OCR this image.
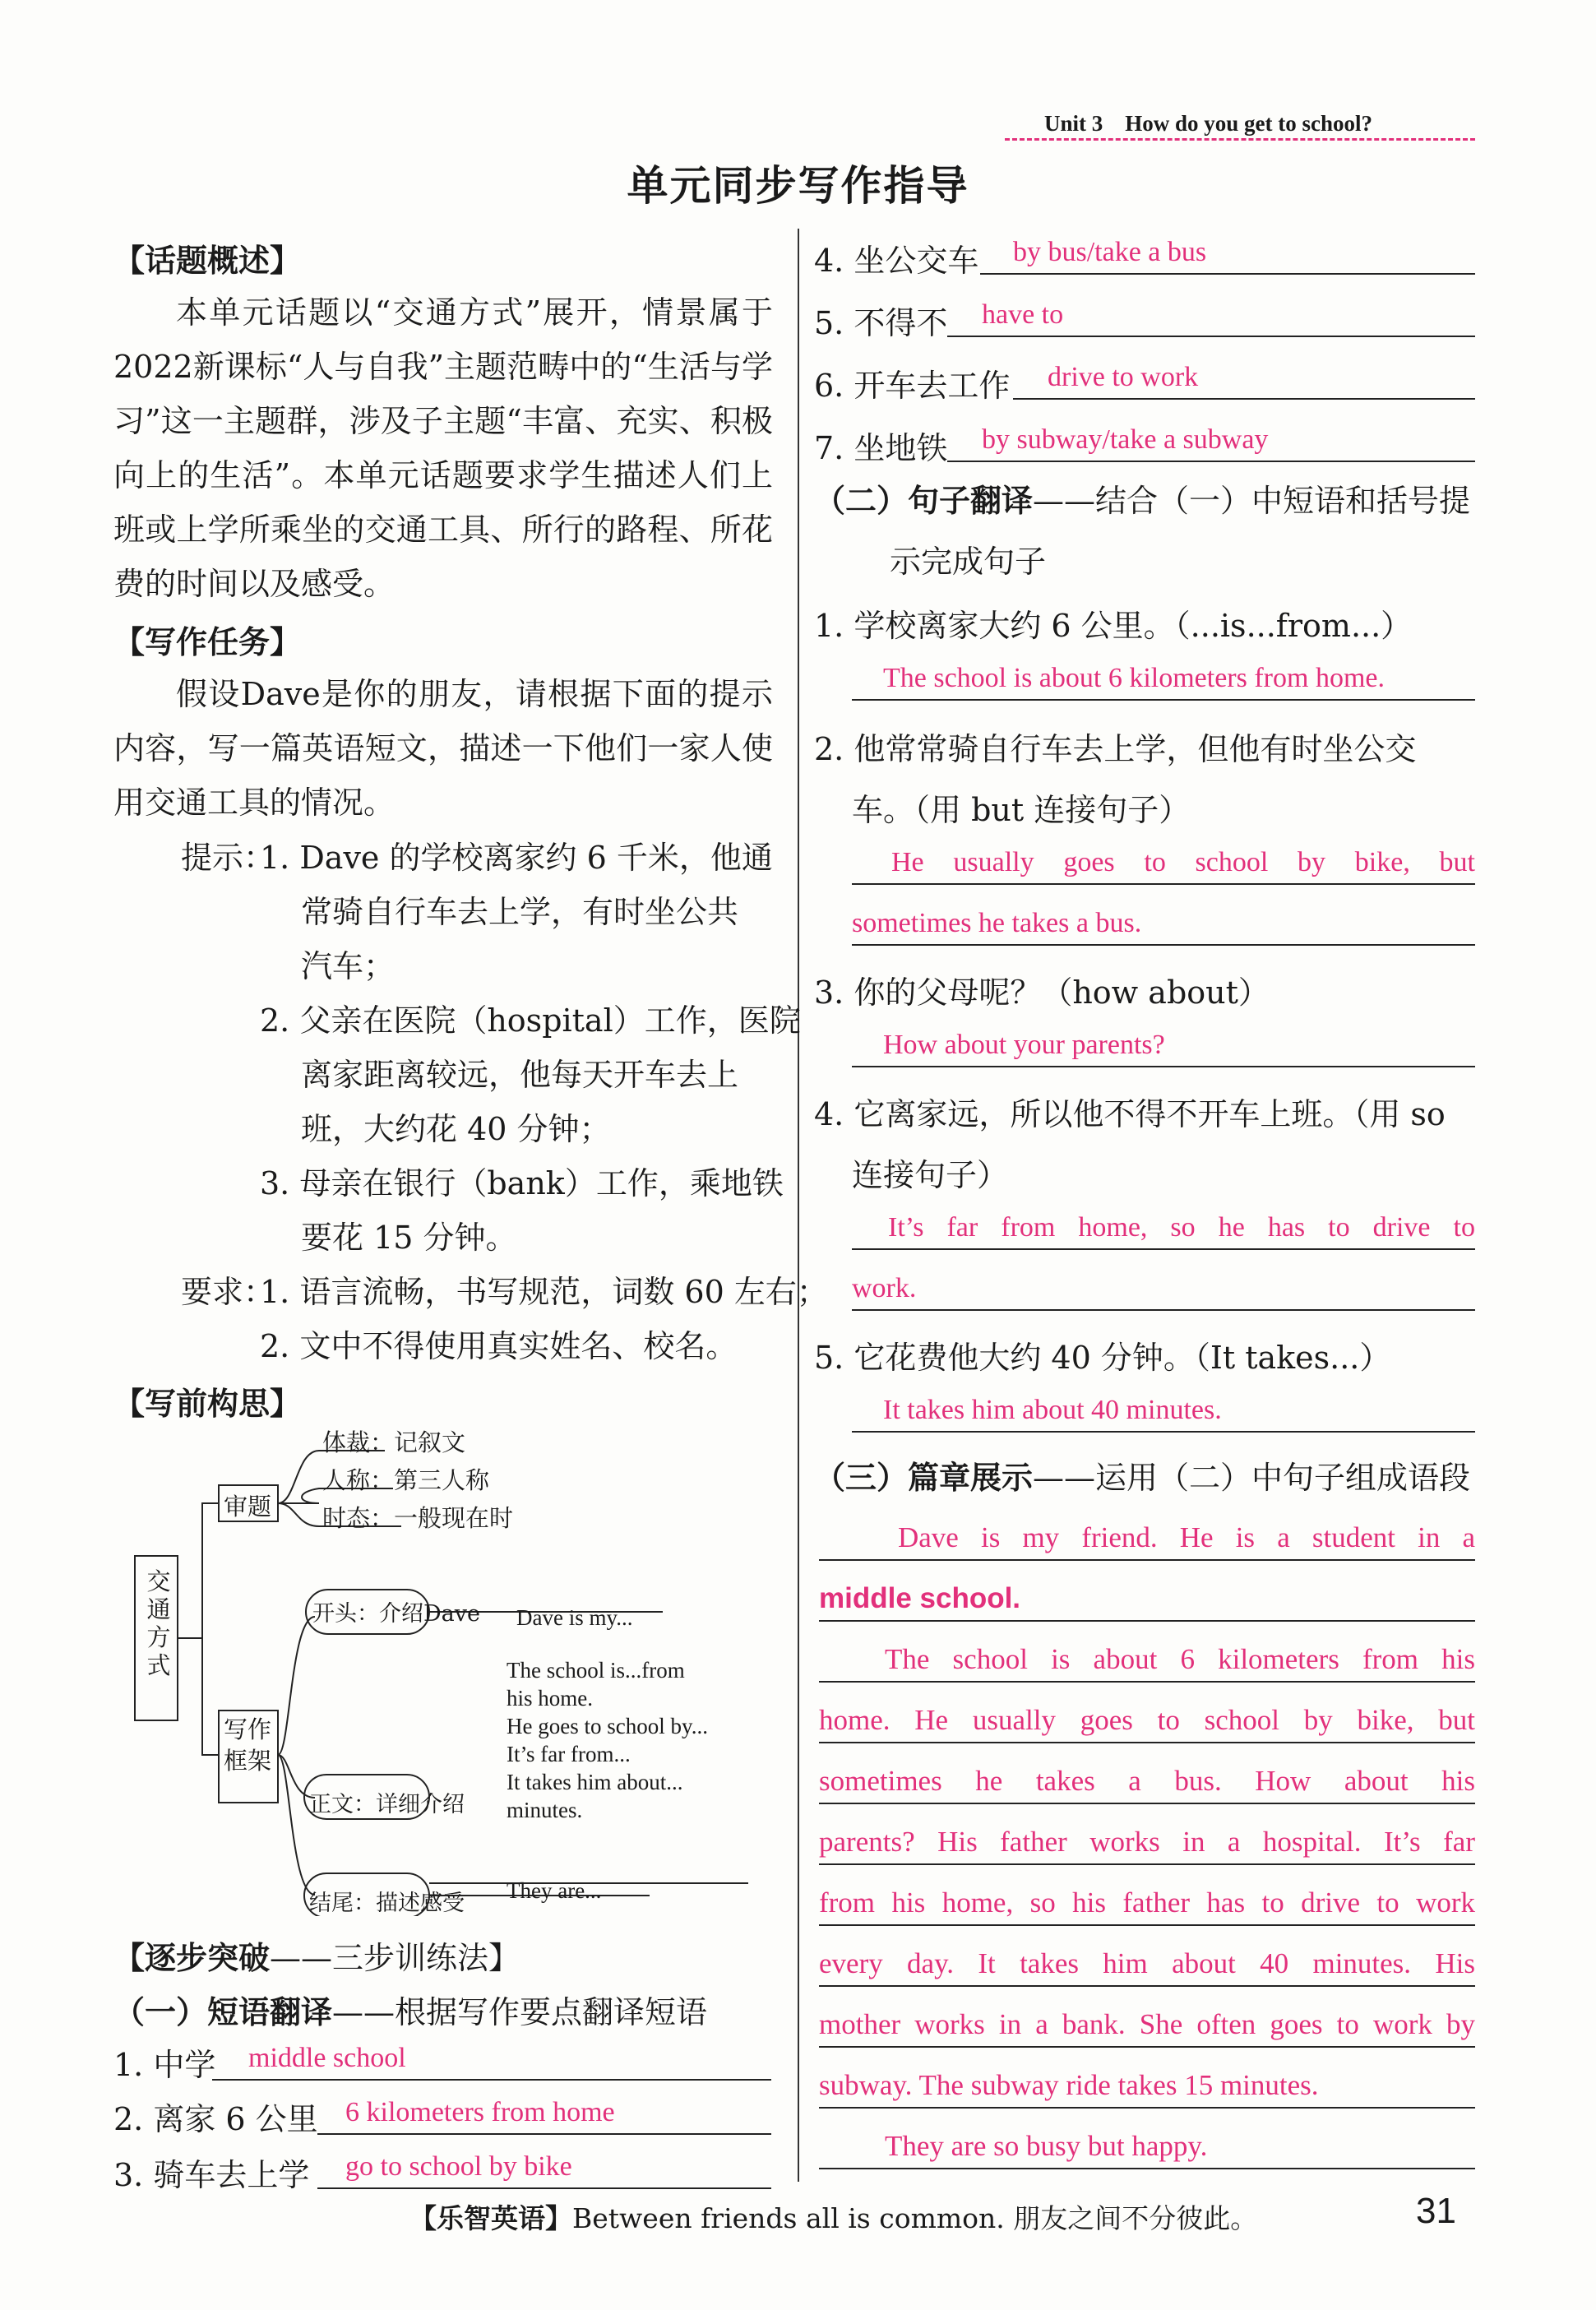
Unit 3　How do you get to school?
单元同步写作指导
【话题概述】
本单元话题以“交通方式”展开，情景属于2022新课标“人与自我”主题范畴中的“生活与学习”这一主题群，涉及子主题“丰富、充实、积极向上的生活”。本单元话题要求学生描述人们上班或上学所乘坐的交通工具、所行的路程、所花费的时间以及感受。
【写作任务】
假设Dave是你的朋友，请根据下面的提示内容，写一篇英语短文，描述一下他们一家人使用交通工具的情况。
提示：
1. Dave 的学校离家约 6 千米，他通
常骑自行车去上学，有时坐公共
汽车；
2. 父亲在医院（hospital）工作，医院
离家距离较远，他每天开车去上
班，大约花 40 分钟；
3. 母亲在银行（bank）工作，乘地铁
要花 15 分钟。
要求：
1. 语言流畅，书写规范，词数 60 左右；
2. 文中不得使用真实姓名、校名。
【写前构思】
交
通
方
式
审题
体裁：记叙文
人称：第三人称
时态：一般现在时
写作
框架
开头：介绍Dave Dave is my...
正文：详细介绍
The school is...from
his home.
He goes to school by...
It’s far from...
It takes him about...
minutes.
结尾：描述感受 They are...
【逐步突破——三步训练法】
（一）短语翻译——根据写作要点翻译短语
1. 中学 middle school
2. 离家 6 公里 6 kilometers from home
3. 骑车去上学 go to school by bike
4. 坐公交车 by bus/take a bus
5. 不得不 have to
6. 开车去工作 drive to work
7. 坐地铁 by subway/take a subway
（二）句子翻译——结合（一）中短语和括号提
示完成句子
1. 学校离家大约 6 公里。（...is...from...）
The school is about 6 kilometers from home.
2. 他常常骑自行车去上学，但他有时坐公交
车。（用 but 连接句子）
He usually goes to school by bike, but
sometimes he takes a bus.
3. 你的父母呢？（how about）
How about your parents?
4. 它离家远，所以他不得不开车上班。（用 so
连接句子）
It’s far from home, so he has to drive to
work.
5. 它花费他大约 40 分钟。（It takes...）
It takes him about 40 minutes.
（三）篇章展示——运用（二）中句子组成语段
Dave is my friend. He is a student in a
middle school.
The school is about 6 kilometers from his
home. He usually goes to school by bike, but
sometimes he takes a bus. How about his
parents? His father works in a hospital. It’s far
from his home, so his father has to drive to work
every day. It takes him about 40 minutes. His
mother works in a bank. She often goes to work by
subway. The subway ride takes 15 minutes.
They are so busy but happy.
【乐智英语】Between friends all is common. 朋友之间不分彼此。	31
